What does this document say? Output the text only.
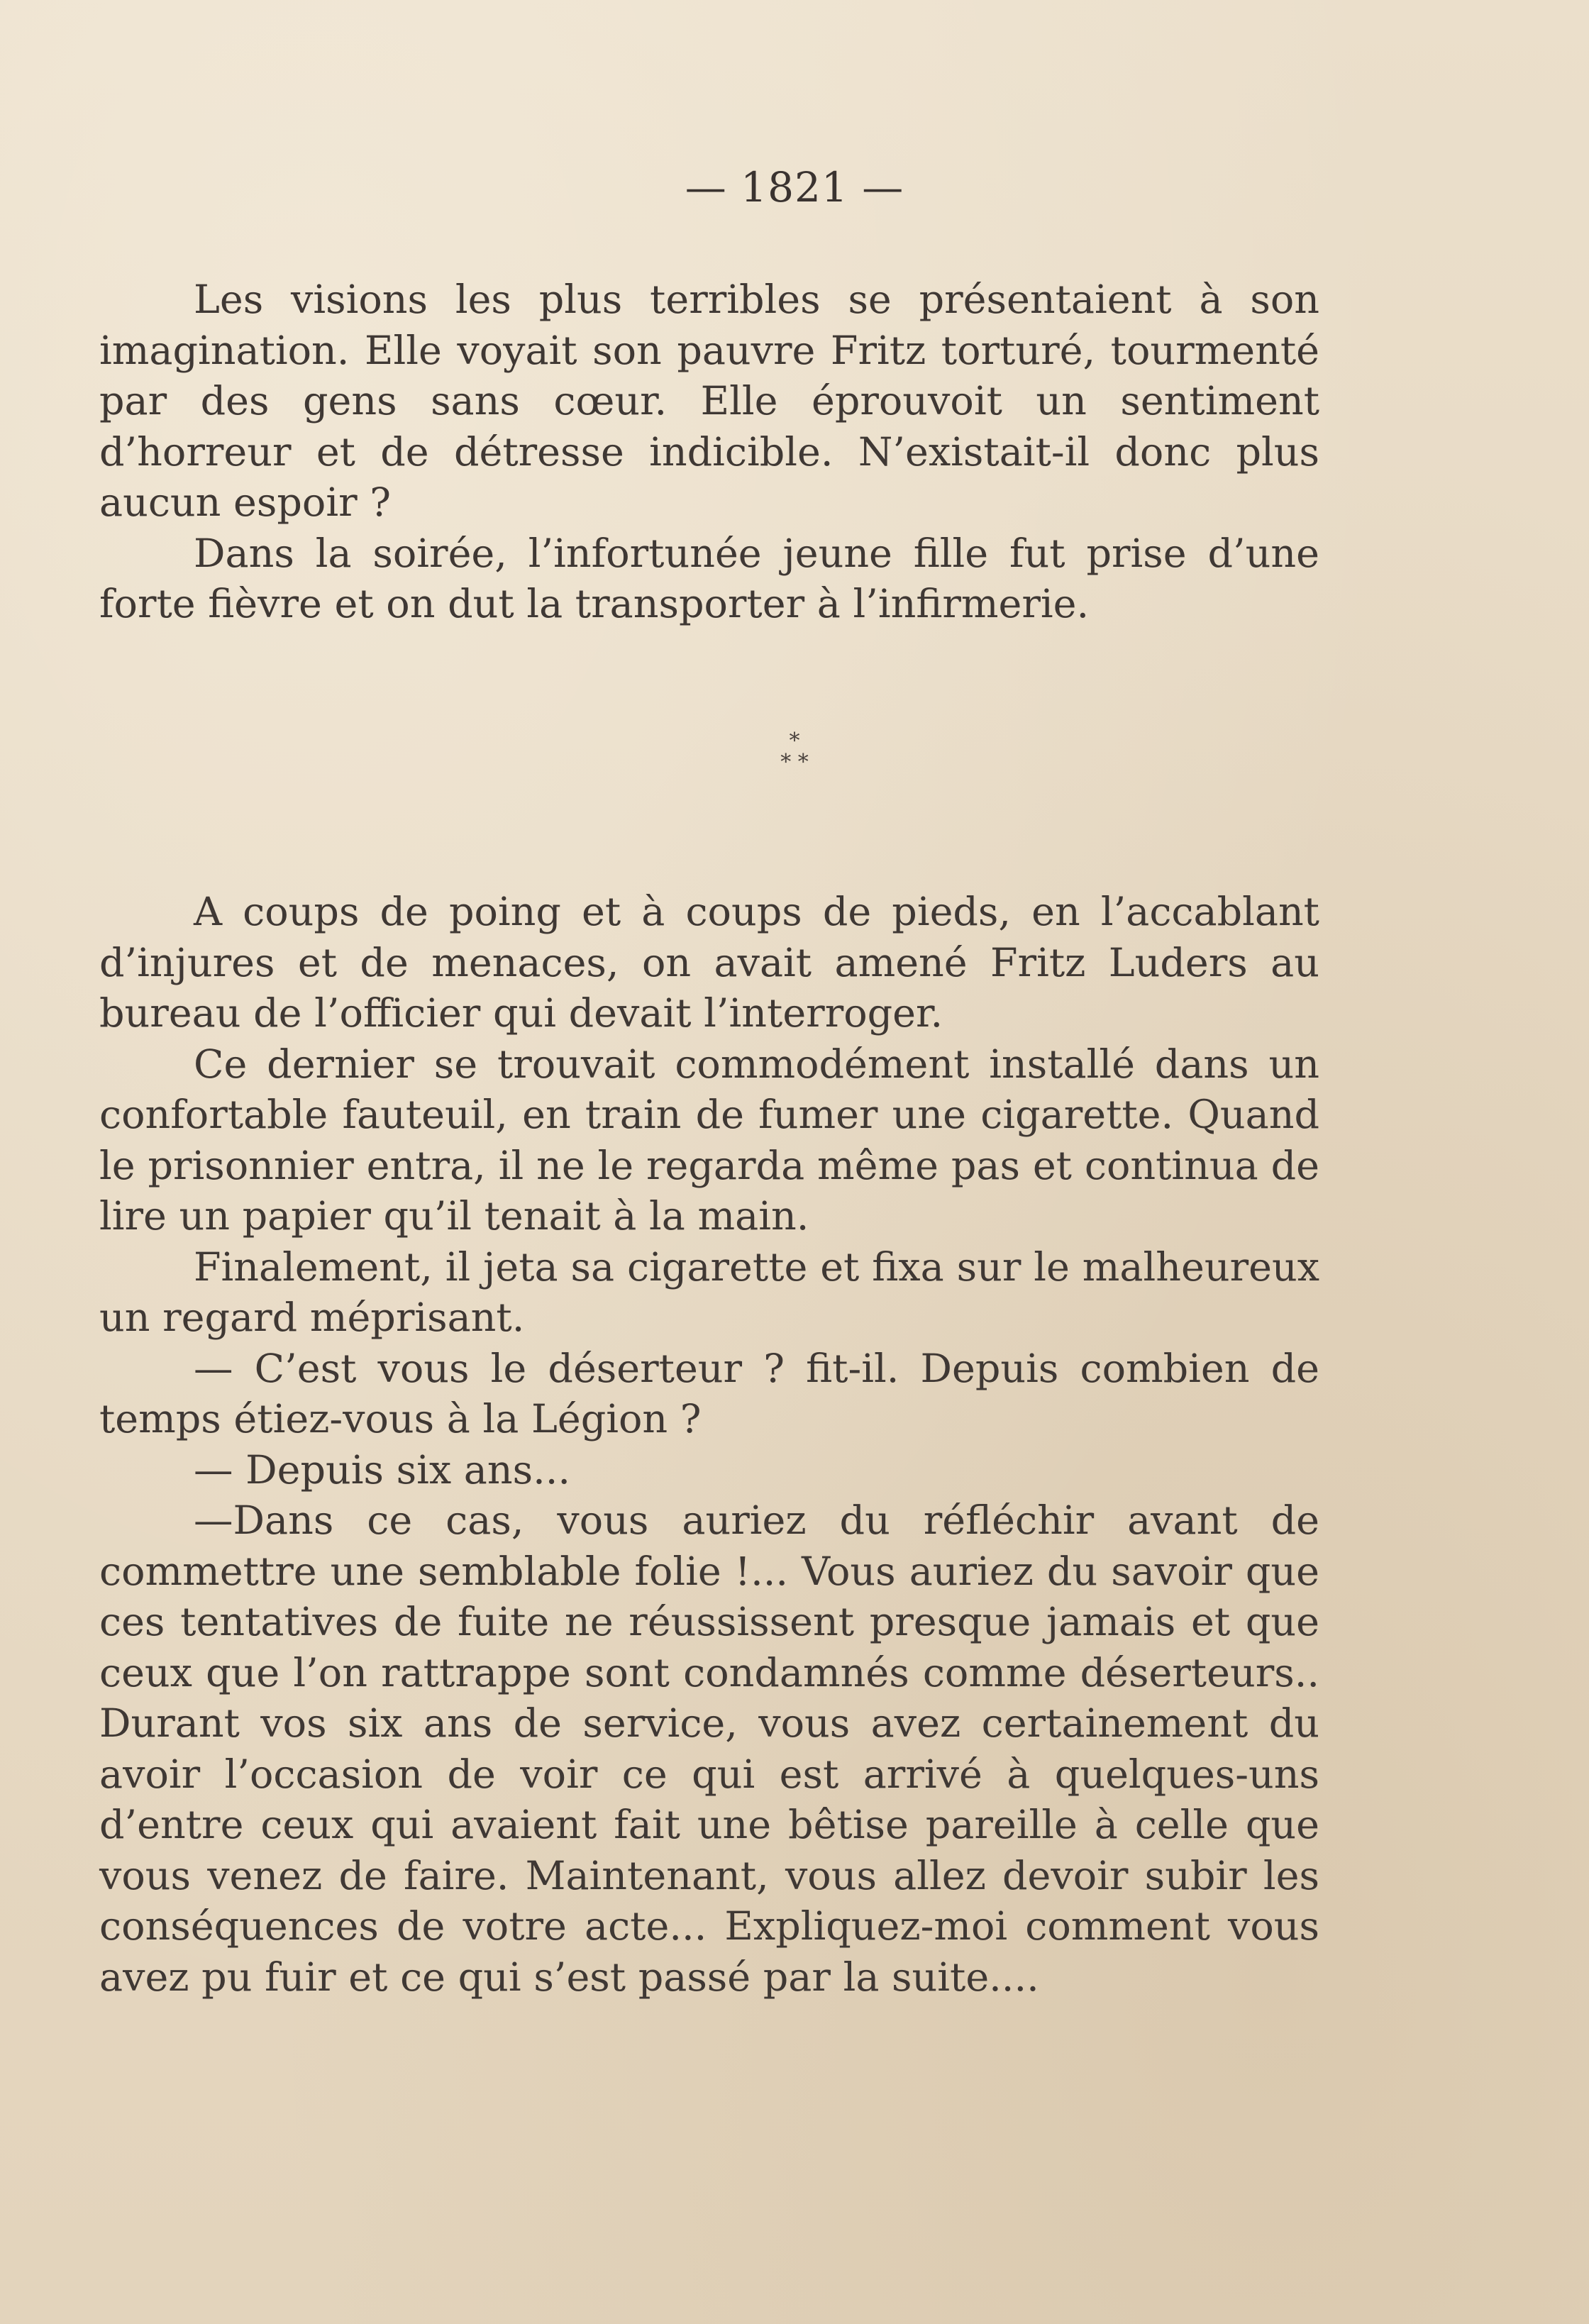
— 1821 —

Les visions les plus terribles se présentaient à son imagination. Elle voyait son pauvre Fritz torturé, tourmenté par des gens sans cœur. Elle éprouvoit un sentiment d’horreur et de détresse indicible. N’existait-il donc plus aucun espoir ?

Dans la soirée, l’infortunée jeune fille fut prise d’une forte fièvre et on dut la transporter à l’infirmerie.

*
* *

A coups de poing et à coups de pieds, en l’accablant d’injures et de menaces, on avait amené Fritz Luders au bureau de l’officier qui devait l’interroger.

Ce dernier se trouvait commodément installé dans un confortable fauteuil, en train de fumer une cigarette. Quand le prisonnier entra, il ne le regarda même pas et continua de lire un papier qu’il tenait à la main.

Finalement, il jeta sa cigarette et fixa sur le malheureux un regard méprisant.

— C’est vous le déserteur ? fit-il. Depuis combien de temps étiez-vous à la Légion ?

— Depuis six ans...

—Dans ce cas, vous auriez du réfléchir avant de commettre une semblable folie !... Vous auriez du savoir que ces tentatives de fuite ne réussissent presque jamais et que ceux que l’on rattrappe sont condamnés comme déserteurs.. Durant vos six ans de service, vous avez certainement du avoir l’occasion de voir ce qui est arrivé à quelques-uns d’entre ceux qui avaient fait une bêtise pareille à celle que vous venez de faire. Maintenant, vous allez devoir subir les conséquences de votre acte... Expliquez-moi comment vous avez pu fuir et ce qui s’est passé par la suite....
